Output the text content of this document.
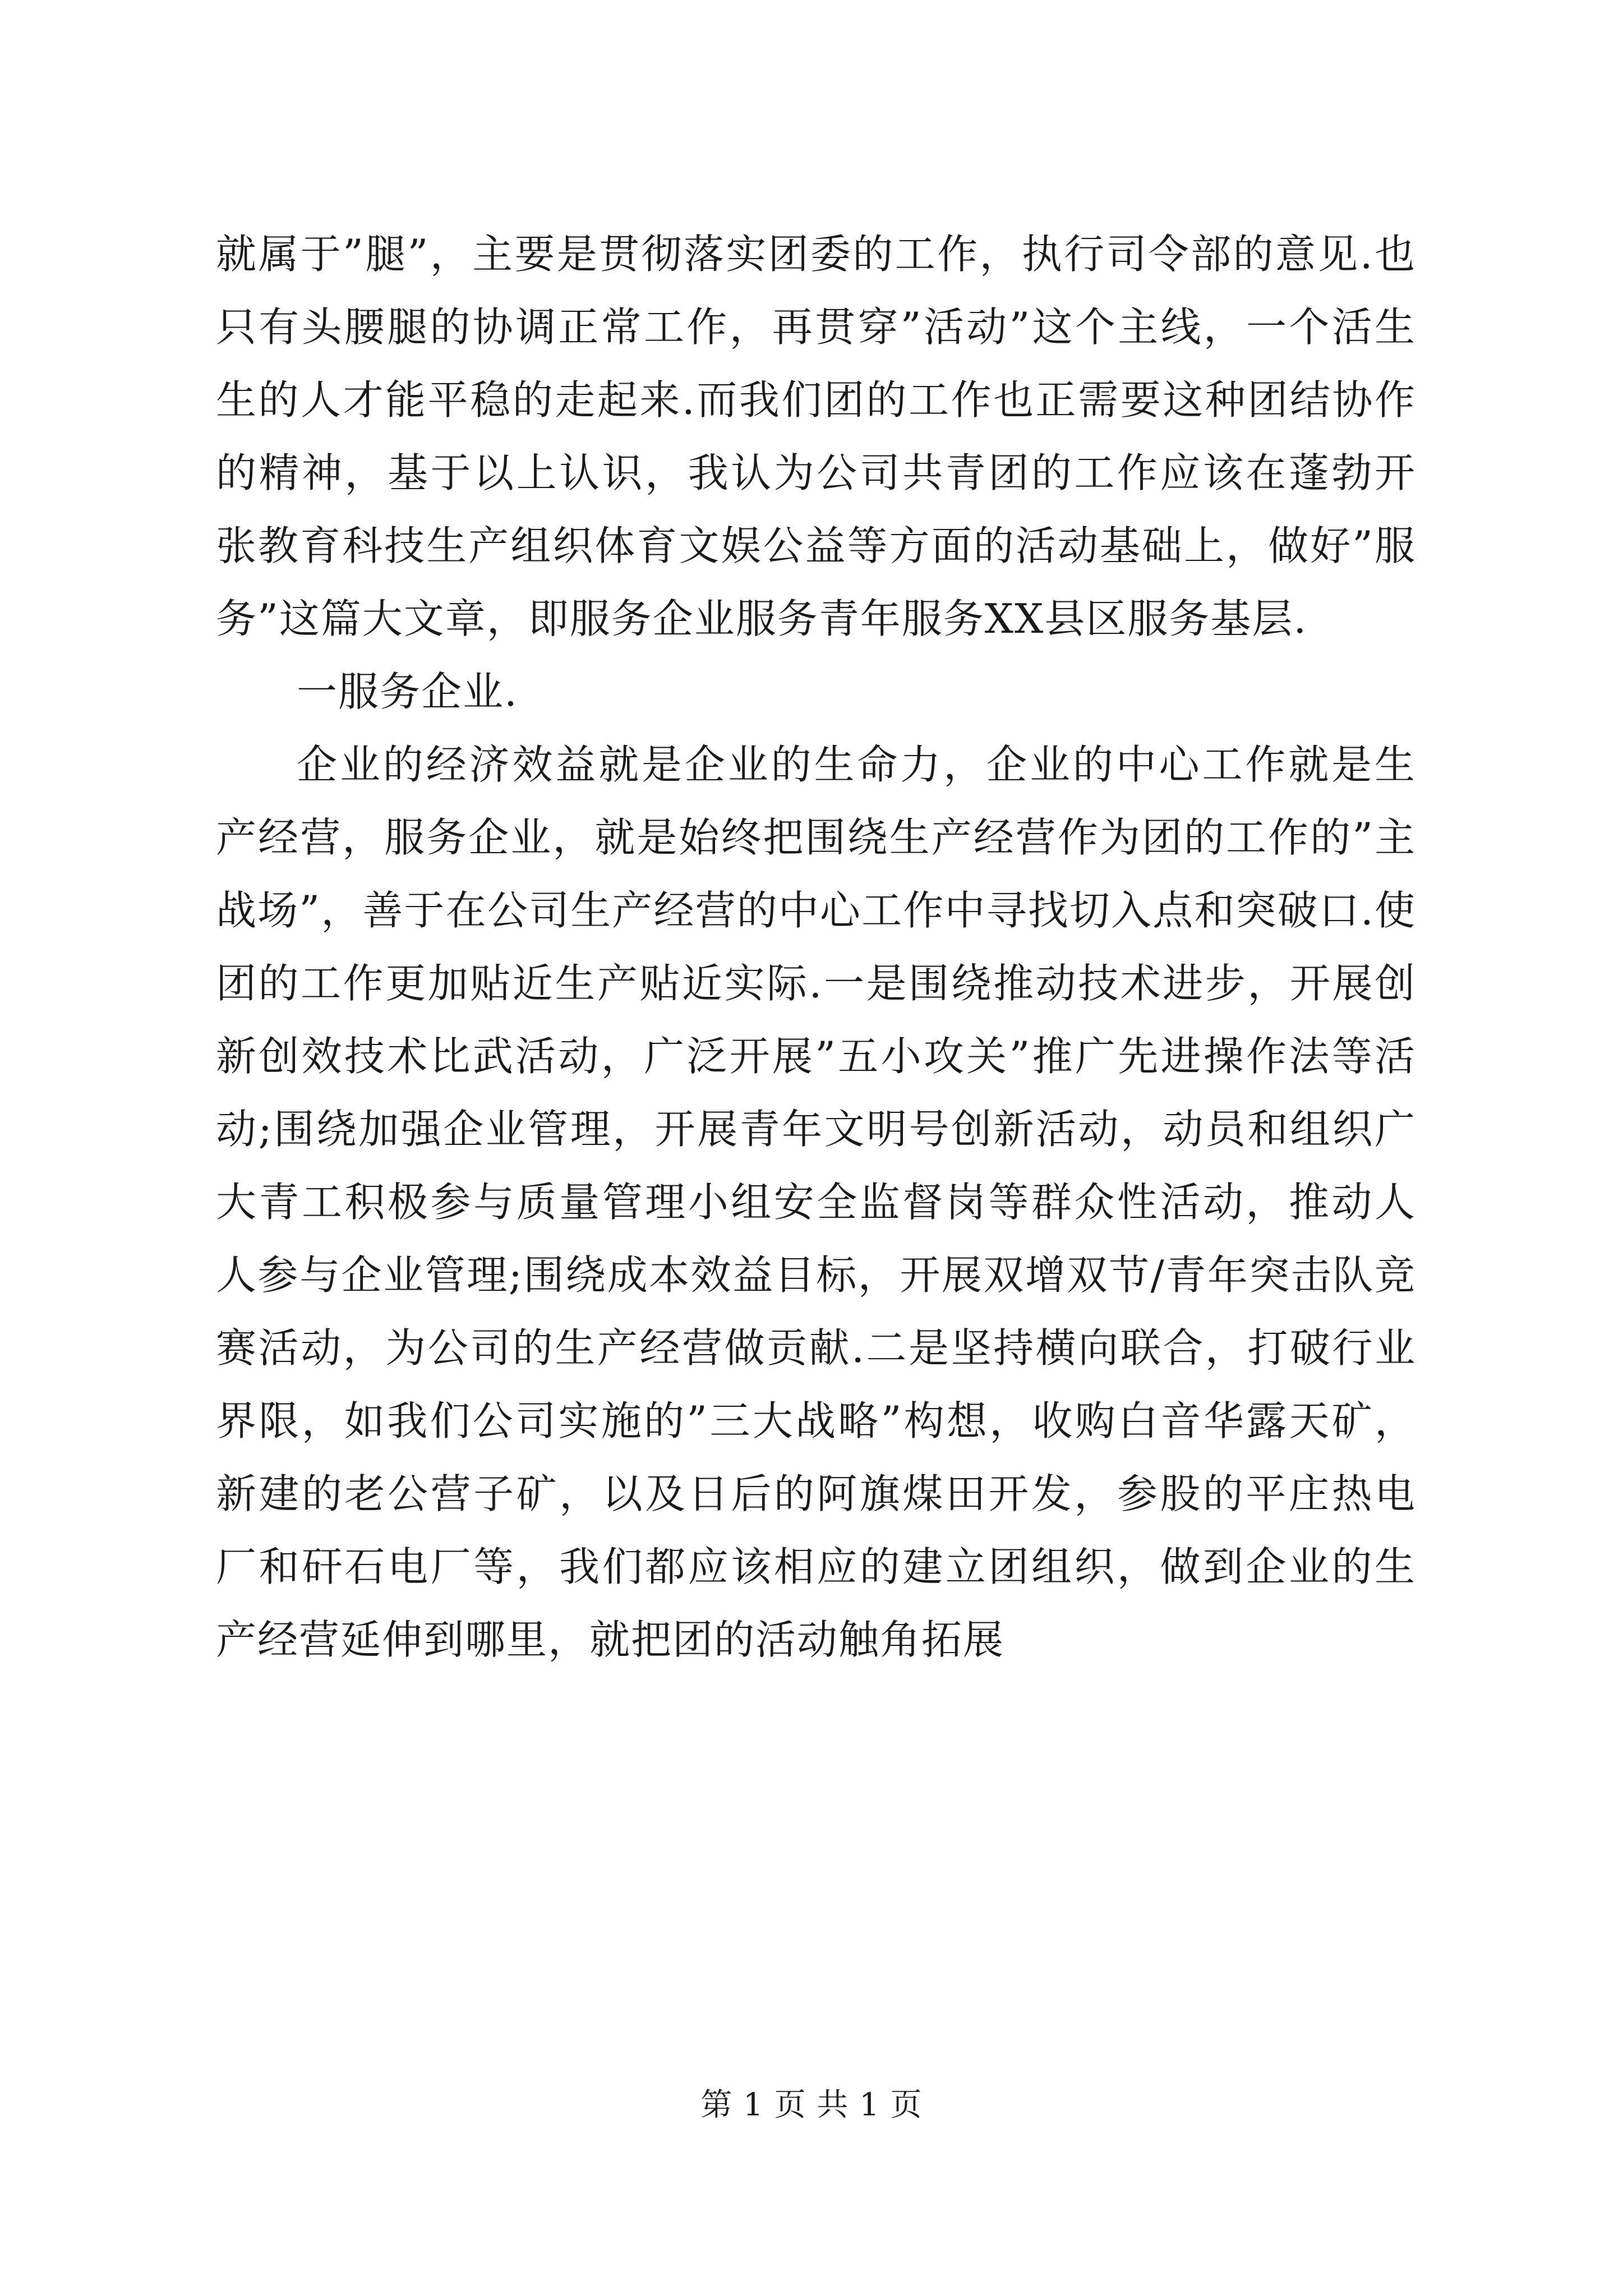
就属于”腿”，主要是贯彻落实团委的工作，执行司令部的意见.也只有头腰腿的协调正常工作，再贯穿”活动”这个主线，一个活生生的人才能平稳的走起来.而我们团的工作也正需要这种团结协作的精神，基于以上认识，我认为公司共青团的工作应该在蓬勃开张教育科技生产组织体育文娱公益等方面的活动基础上，做好”服务”这篇大文章，即服务企业服务青年服务XX县区服务基层.

一服务企业.

企业的经济效益就是企业的生命力，企业的中心工作就是生产经营，服务企业，就是始终把围绕生产经营作为团的工作的”主战场”，善于在公司生产经营的中心工作中寻找切入点和突破口.使团的工作更加贴近生产贴近实际.一是围绕推动技术进步，开展创新创效技术比武活动，广泛开展”五小攻关”推广先进操作法等活动;围绕加强企业管理，开展青年文明号创新活动，动员和组织广大青工积极参与质量管理小组安全监督岗等群众性活动，推动人人参与企业管理;围绕成本效益目标，开展双增双节/青年突击队竞赛活动，为公司的生产经营做贡献.二是坚持横向联合，打破行业界限，如我们公司实施的”三大战略”构想，收购白音华露天矿，新建的老公营子矿，以及日后的阿旗煤田开发，参股的平庄热电厂和矸石电厂等，我们都应该相应的建立团组织，做到企业的生产经营延伸到哪里，就把团的活动触角拓展

第 1 页 共 1 页
